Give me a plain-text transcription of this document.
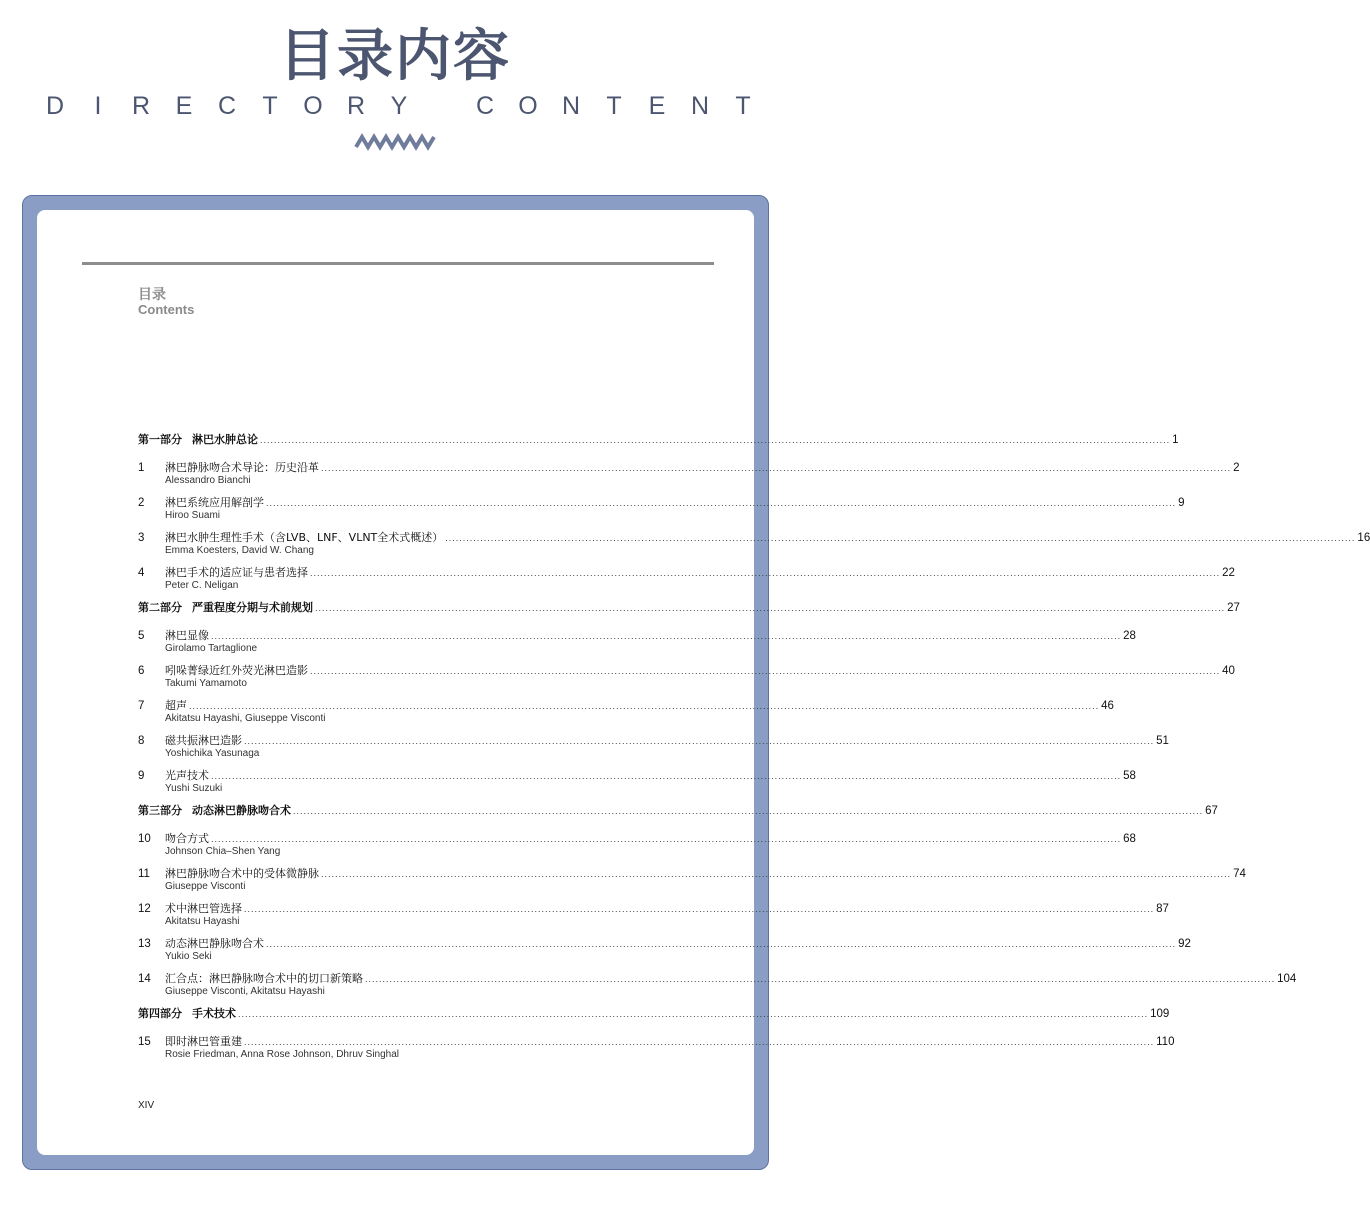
目录内容
D	I	R E C T O R Y	C O N T E N T
目录
Contents
第一部分 淋巴水肿总论 .................................................................................................................................................................................................................................................................... 1
1 淋巴静脉吻合术导论：历史沿革 .................................................................................................................................................................................................................................................................... 2
Alessandro Bianchi
2 淋巴系统应用解剖学 .................................................................................................................................................................................................................................................................... 9
Hiroo Suami
3 淋巴水肿生理性手术（含LVB、LNF、VLNT全术式概述） .................................................................................................................................................................................................................................................................... 16
Emma Koesters, David W. Chang
4 淋巴手术的适应证与患者选择 .................................................................................................................................................................................................................................................................... 22
Peter C. Neligan
第二部分 严重程度分期与术前规划 .................................................................................................................................................................................................................................................................... 27
5 淋巴显像 .................................................................................................................................................................................................................................................................... 28
Girolamo Tartaglione
6 吲哚菁绿近红外荧光淋巴造影 .................................................................................................................................................................................................................................................................... 40
Takumi Yamamoto
7 超声 .................................................................................................................................................................................................................................................................... 46
Akitatsu Hayashi, Giuseppe Visconti
8 磁共振淋巴造影 .................................................................................................................................................................................................................................................................... 51
Yoshichika Yasunaga
9 光声技术 .................................................................................................................................................................................................................................................................... 58
Yushi Suzuki
第三部分 动态淋巴静脉吻合术 .................................................................................................................................................................................................................................................................... 67
10 吻合方式 .................................................................................................................................................................................................................................................................... 68
Johnson Chia–Shen Yang
11 淋巴静脉吻合术中的受体微静脉 .................................................................................................................................................................................................................................................................... 74
Giuseppe Visconti
12 术中淋巴管选择 .................................................................................................................................................................................................................................................................... 87
Akitatsu Hayashi
13 动态淋巴静脉吻合术 .................................................................................................................................................................................................................................................................... 92
Yukio Seki
14 汇合点：淋巴静脉吻合术中的切口新策略 .................................................................................................................................................................................................................................................................... 104
Giuseppe Visconti, Akitatsu Hayashi
第四部分 手术技术 .................................................................................................................................................................................................................................................................... 109
15 即时淋巴管重建 .................................................................................................................................................................................................................................................................... 110
Rosie Friedman, Anna Rose Johnson, Dhruv Singhal
XIV
